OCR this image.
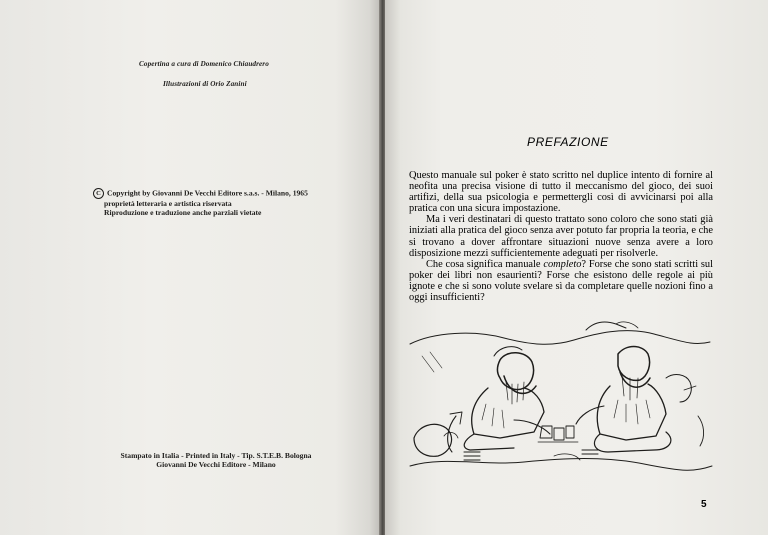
Copertina a cura di Domenico Chiaudrero
Illustrazioni di Orio Zanini
C Copyright by Giovanni De Vecchi Editore s.a.s. - Milano, 1965
proprietà letteraria e artistica riservata
Riproduzione e traduzione anche parziali vietate
Stampato in Italia - Printed in Italy - Tip. S.T.E.B. Bologna
Giovanni De Vecchi Editore - Milano
PREFAZIONE

Questo manuale sul poker è stato scritto nel duplice intento di fornire al neofita una precisa visione di tutto il meccanismo del gioco, dei suoi artifizi, della sua psicologia e permettergli così di avvicinarsi poi alla pratica con una sicura impostazione.

Ma i veri destinatari di questo trattato sono coloro che sono stati già iniziati alla pratica del gioco senza aver potuto far propria la teoria, e che si trovano a dover affrontare situazioni nuove senza avere a loro disposizione mezzi sufficientemente adeguati per risolverle.

Che cosa significa manuale completo? Forse che sono stati scritti sul poker dei libri non esaurienti? Forse che esistono delle regole ai più ignote e che si sono volute svelare sì da completare quelle nozioni fino a oggi insufficienti?

5
